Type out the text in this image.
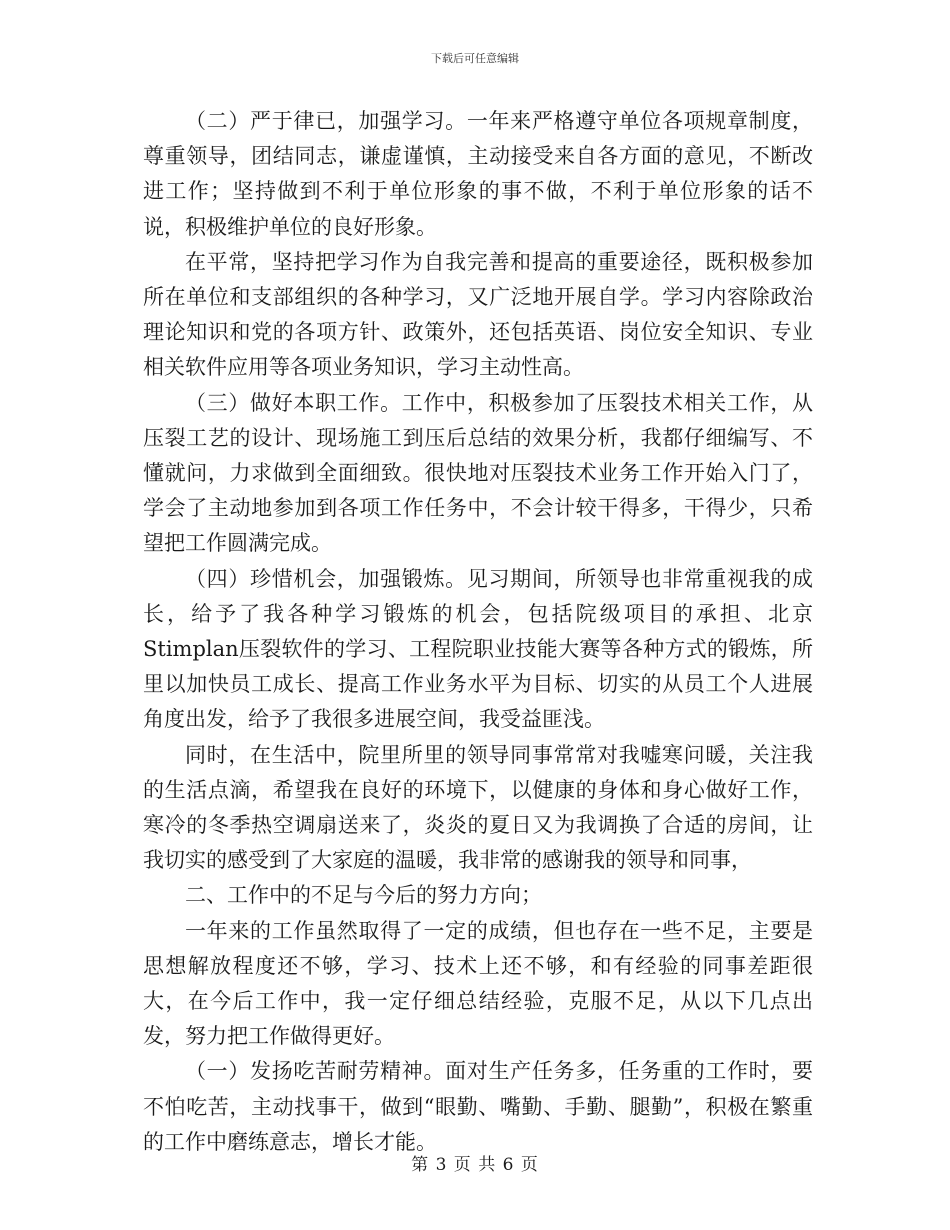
下载后可任意编辑

（二）严于律已，加强学习。一年来严格遵守单位各项规章制度，尊重领导，团结同志，谦虚谨慎，主动接受来自各方面的意见，不断改进工作；坚持做到不利于单位形象的事不做，不利于单位形象的话不说，积极维护单位的良好形象。

在平常，坚持把学习作为自我完善和提高的重要途径，既积极参加所在单位和支部组织的各种学习，又广泛地开展自学。学习内容除政治理论知识和党的各项方针、政策外，还包括英语、岗位安全知识、专业相关软件应用等各项业务知识，学习主动性高。

（三）做好本职工作。工作中，积极参加了压裂技术相关工作，从压裂工艺的设计、现场施工到压后总结的效果分析，我都仔细编写、不懂就问，力求做到全面细致。很快地对压裂技术业务工作开始入门了，学会了主动地参加到各项工作任务中，不会计较干得多，干得少，只希望把工作圆满完成。

（四）珍惜机会，加强锻炼。见习期间，所领导也非常重视我的成长，给予了我各种学习锻炼的机会，包括院级项目的承担、北京Stimplan压裂软件的学习、工程院职业技能大赛等各种方式的锻炼，所里以加快员工成长、提高工作业务水平为目标、切实的从员工个人进展角度出发，给予了我很多进展空间，我受益匪浅。

同时，在生活中，院里所里的领导同事常常对我嘘寒问暖，关注我的生活点滴，希望我在良好的环境下，以健康的身体和身心做好工作，寒冷的冬季热空调扇送来了，炎炎的夏日又为我调换了合适的房间，让我切实的感受到了大家庭的温暖，我非常的感谢我的领导和同事，

二、工作中的不足与今后的努力方向；

一年来的工作虽然取得了一定的成绩，但也存在一些不足，主要是思想解放程度还不够，学习、技术上还不够，和有经验的同事差距很大，在今后工作中，我一定仔细总结经验，克服不足，从以下几点出发，努力把工作做得更好。

（一）发扬吃苦耐劳精神。面对生产任务多，任务重的工作时，要不怕吃苦，主动找事干，做到“眼勤、嘴勤、手勤、腿勤”，积极在繁重的工作中磨练意志，增长才能。

第 3 页 共 6 页
